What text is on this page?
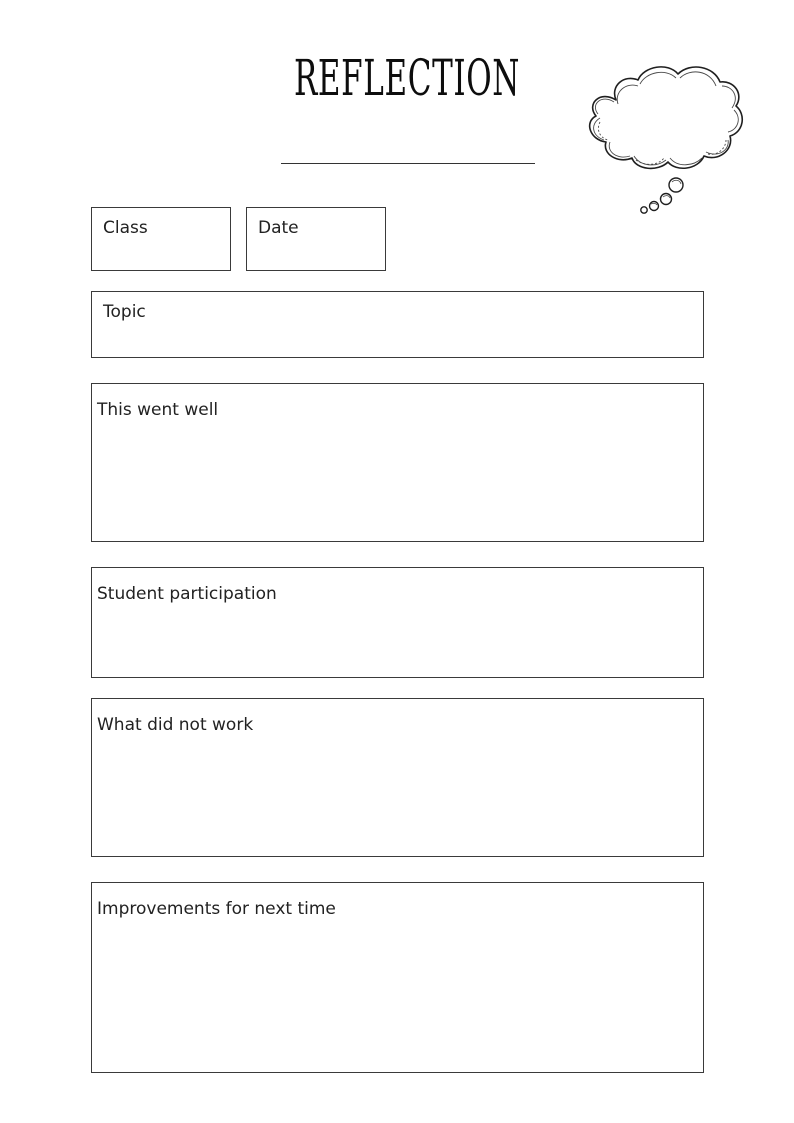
REFLECTION
Class	Date
Topic
This went well
Student participation
What did not work
Improvements for next time
